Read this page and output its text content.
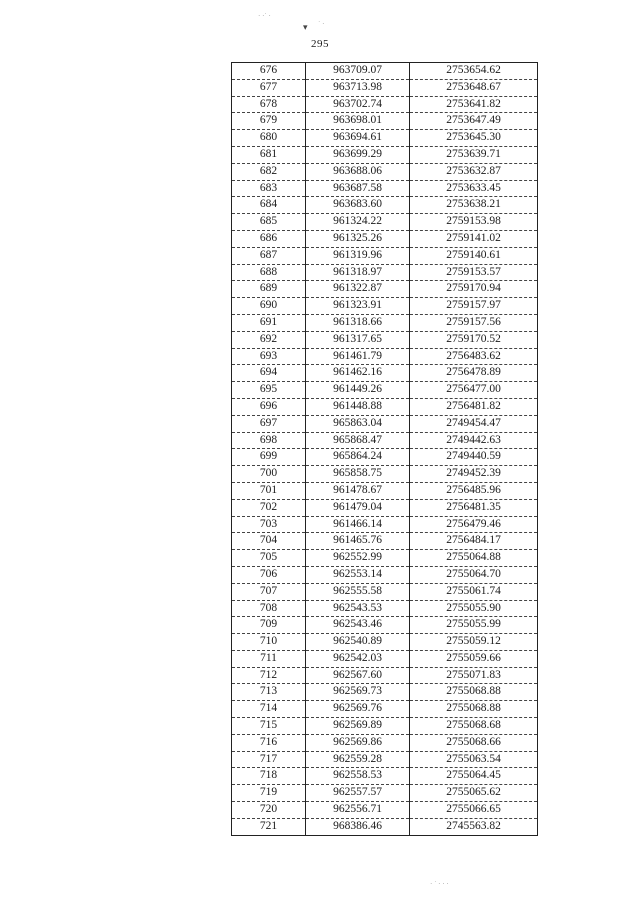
· ·˙ ·
▾ ˙ ·
· ˙ · · ·
295
676	963709.07	2753654.62
677	963713.98	2753648.67
678	963702.74	2753641.82
679	963698.01	2753647.49
680	963694.61	2753645.30
681	963699.29	2753639.71
682	963688.06	2753632.87
683	963687.58	2753633.45
684	963683.60	2753638.21
685	961324.22	2759153.98
686	961325.26	2759141.02
687	961319.96	2759140.61
688	961318.97	2759153.57
689	961322.87	2759170.94
690	961323.91	2759157.97
691	961318.66	2759157.56
692	961317.65	2759170.52
693	961461.79	2756483.62
694	961462.16	2756478.89
695	961449.26	2756477.00
696	961448.88	2756481.82
697	965863.04	2749454.47
698	965868.47	2749442.63
699	965864.24	2749440.59
700	965858.75	2749452.39
701	961478.67	2756485.96
702	961479.04	2756481.35
703	961466.14	2756479.46
704	961465.76	2756484.17
705	962552.99	2755064.88
706	962553.14	2755064.70
707	962555.58	2755061.74
708	962543.53	2755055.90
709	962543.46	2755055.99
710	962540.89	2755059.12
711	962542.03	2755059.66
712	962567.60	2755071.83
713	962569.73	2755068.88
714	962569.76	2755068.88
715	962569.89	2755068.68
716	962569.86	2755068.66
717	962559.28	2755063.54
718	962558.53	2755064.45
719	962557.57	2755065.62
720	962556.71	2755066.65
721	968386.46	2745563.82
